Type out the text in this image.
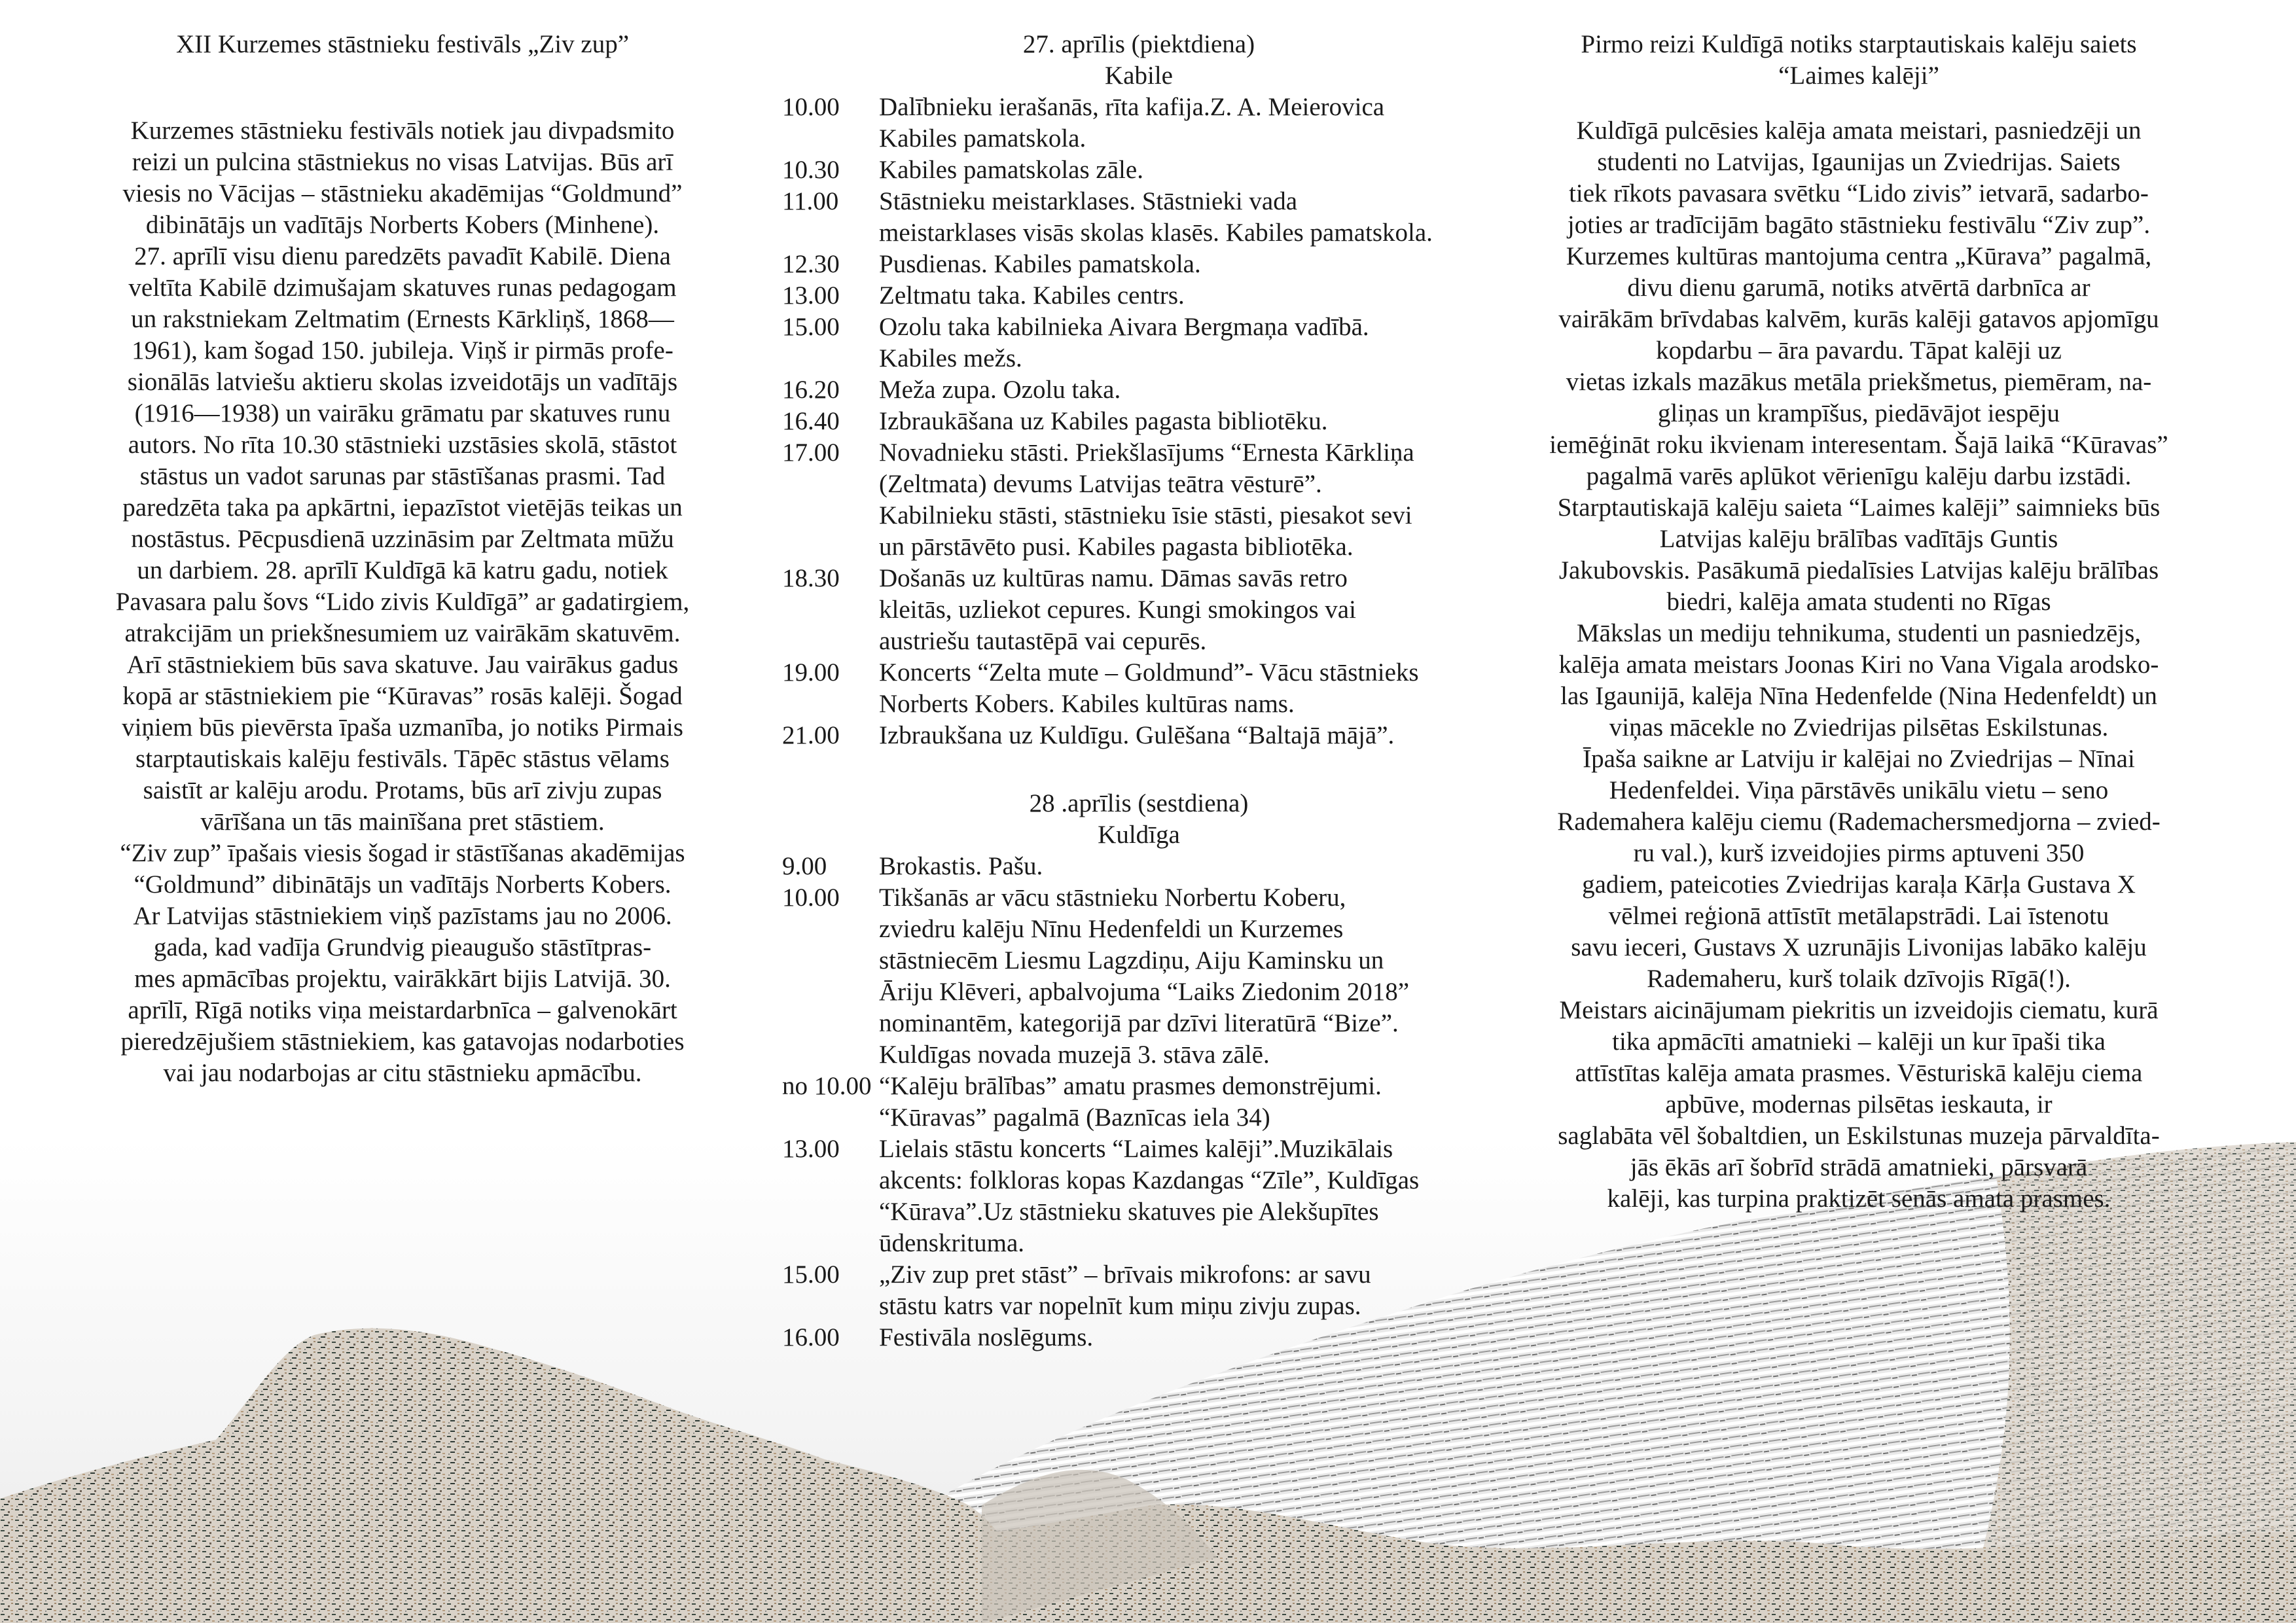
XII Kurzemes stāstnieku festivāls „Ziv zup”

Kurzemes stāstnieku festivāls notiek jau divpadsmito

reizi un pulcina stāstniekus no visas Latvijas. Būs arī

viesis no Vācijas – stāstnieku akadēmijas “Goldmund”

dibinātājs un vadītājs Norberts Kobers (Minhene).

27. aprīlī visu dienu paredzēts pavadīt Kabilē. Diena

veltīta Kabilē dzimušajam skatuves runas pedagogam

un rakstniekam Zeltmatim (Ernests Kārkliņš, 1868—

1961), kam šogad 150. jubileja. Viņš ir pirmās profe-

sionālās latviešu aktieru skolas izveidotājs un vadītājs

(1916—1938) un vairāku grāmatu par skatuves runu

autors. No rīta 10.30 stāstnieki uzstāsies skolā, stāstot

stāstus un vadot sarunas par stāstīšanas prasmi. Tad

paredzēta taka pa apkārtni, iepazīstot vietējās teikas un

nostāstus. Pēcpusdienā uzzināsim par Zeltmata mūžu

un darbiem. 28. aprīlī Kuldīgā kā katru gadu, notiek

Pavasara palu šovs “Lido zivis Kuldīgā” ar gadatirgiem,

atrakcijām un priekšnesumiem uz vairākām skatuvēm.

Arī stāstniekiem būs sava skatuve. Jau vairākus gadus

kopā ar stāstniekiem pie “Kūravas” rosās kalēji. Šogad

viņiem būs pievērsta īpaša uzmanība, jo notiks Pirmais

starptautiskais kalēju festivāls. Tāpēc stāstus vēlams

saistīt ar kalēju arodu. Protams, būs arī zivju zupas

vārīšana un tās mainīšana pret stāstiem.

“Ziv zup” īpašais viesis šogad ir stāstīšanas akadēmijas

“Goldmund” dibinātājs un vadītājs Norberts Kobers.

Ar Latvijas stāstniekiem viņš pazīstams jau no 2006.

gada, kad vadīja Grundvig pieaugušo stāstītpras-

mes apmācības projektu, vairākkārt bijis Latvijā. 30.

aprīlī, Rīgā notiks viņa meistardarbnīca – galvenokārt

pieredzējušiem stāstniekiem, kas gatavojas nodarboties

vai jau nodarbojas ar citu stāstnieku apmācību.

27. aprīlis (piektdiena)

Kabile

10.00	Dalībnieku ierašanās, rīta kafija.Z. A. Meierovica

Kabiles pamatskola.

10.30	Kabiles pamatskolas zāle.

11.00	Stāstnieku meistarklases. Stāstnieki vada

meistarklases visās skolas klasēs. Kabiles pamatskola.

12.30	Pusdienas. Kabiles pamatskola.

13.00	Zeltmatu taka. Kabiles centrs.

15.00	Ozolu taka kabilnieka Aivara Bergmaņa vadībā.

Kabiles mežs.

16.20	Meža zupa. Ozolu taka.

16.40	Izbraukāšana uz Kabiles pagasta bibliotēku.

17.00	Novadnieku stāsti. Priekšlasījums “Ernesta Kārkliņa

(Zeltmata) devums Latvijas teātra vēsturē”.

Kabilnieku stāsti, stāstnieku īsie stāsti, piesakot sevi

un pārstāvēto pusi. Kabiles pagasta bibliotēka.

18.30	Došanās uz kultūras namu. Dāmas savās retro

kleitās, uzliekot cepures. Kungi smokingos vai

austriešu tautastēpā vai cepurēs.

19.00	Koncerts “Zelta mute – Goldmund”- Vācu stāstnieks

Norberts Kobers. Kabiles kultūras nams.

21.00	Izbraukšana uz Kuldīgu. Gulēšana “Baltajā mājā”.

28 .aprīlis (sestdiena)

Kuldīga

9.00	Brokastis. Pašu.

10.00	Tikšanās ar vācu stāstnieku Norbertu Koberu,

zviedru kalēju Nīnu Hedenfeldi un Kurzemes

stāstniecēm Liesmu Lagzdiņu, Aiju Kaminsku un

Āriju Klēveri, apbalvojuma “Laiks Ziedonim 2018”

nominantēm, kategorijā par dzīvi literatūrā “Bize”.

Kuldīgas novada muzejā 3. stāva zālē.

no 10.00 “Kalēju brālības” amatu prasmes demonstrējumi.

“Kūravas” pagalmā (Baznīcas iela 34)

13.00	Lielais stāstu koncerts “Laimes kalēji”.Muzikālais

akcents: folkloras kopas Kazdangas “Zīle”, Kuldīgas

“Kūrava”.Uz stāstnieku skatuves pie Alekšupītes

ūdenskrituma.

15.00	„Ziv zup pret stāst” – brīvais mikrofons: ar savu

stāstu katrs var nopelnīt kum miņu zivju zupas.

16.00	Festivāla noslēgums.

Pirmo reizi Kuldīgā notiks starptautiskais kalēju saiets

“Laimes kalēji”

Kuldīgā pulcēsies kalēja amata meistari, pasniedzēji un

studenti no Latvijas, Igaunijas un Zviedrijas. Saiets

tiek rīkots pavasara svētku “Lido zivis” ietvarā, sadarbo-

joties ar tradīcijām bagāto stāstnieku festivālu “Ziv zup”.

Kurzemes kultūras mantojuma centra „Kūrava” pagalmā,

divu dienu garumā, notiks atvērtā darbnīca ar

vairākām brīvdabas kalvēm, kurās kalēji gatavos apjomīgu

kopdarbu – āra pavardu. Tāpat kalēji uz

vietas izkals mazākus metāla priekšmetus, piemēram, na-

gliņas un krampīšus, piedāvājot iespēju

iemēģināt roku ikvienam interesentam. Šajā laikā “Kūravas”

pagalmā varēs aplūkot vērienīgu kalēju darbu izstādi.

Starptautiskajā kalēju saieta “Laimes kalēji” saimnieks būs

Latvijas kalēju brālības vadītājs Guntis

Jakubovskis. Pasākumā piedalīsies Latvijas kalēju brālības

biedri, kalēja amata studenti no Rīgas

Mākslas un mediju tehnikuma, studenti un pasniedzējs,

kalēja amata meistars Joonas Kiri no Vana Vigala arodsko-

las Igaunijā, kalēja Nīna Hedenfelde (Nina Hedenfeldt) un

viņas mācekle no Zviedrijas pilsētas Eskilstunas.

Īpaša saikne ar Latviju ir kalējai no Zviedrijas – Nīnai

Hedenfeldei. Viņa pārstāvēs unikālu vietu – seno

Rademahera kalēju ciemu (Rademachersmedjorna – zvied-

ru val.), kurš izveidojies pirms aptuveni 350

gadiem, pateicoties Zviedrijas karaļa Kārļa Gustava X

vēlmei reģionā attīstīt metālapstrādi. Lai īstenotu

savu ieceri, Gustavs X uzrunājis Livonijas labāko kalēju

Rademaheru, kurš tolaik dzīvojis Rīgā(!).

Meistars aicinājumam piekritis un izveidojis ciematu, kurā

tika apmācīti amatnieki – kalēji un kur īpaši tika

attīstītas kalēja amata prasmes. Vēsturiskā kalēju ciema

apbūve, modernas pilsētas ieskauta, ir

saglabāta vēl šobaltdien, un Eskilstunas muzeja pārvaldīta-

jās ēkās arī šobrīd strādā amatnieki, pārsvarā

kalēji, kas turpina praktizēt senās amata prasmes.
